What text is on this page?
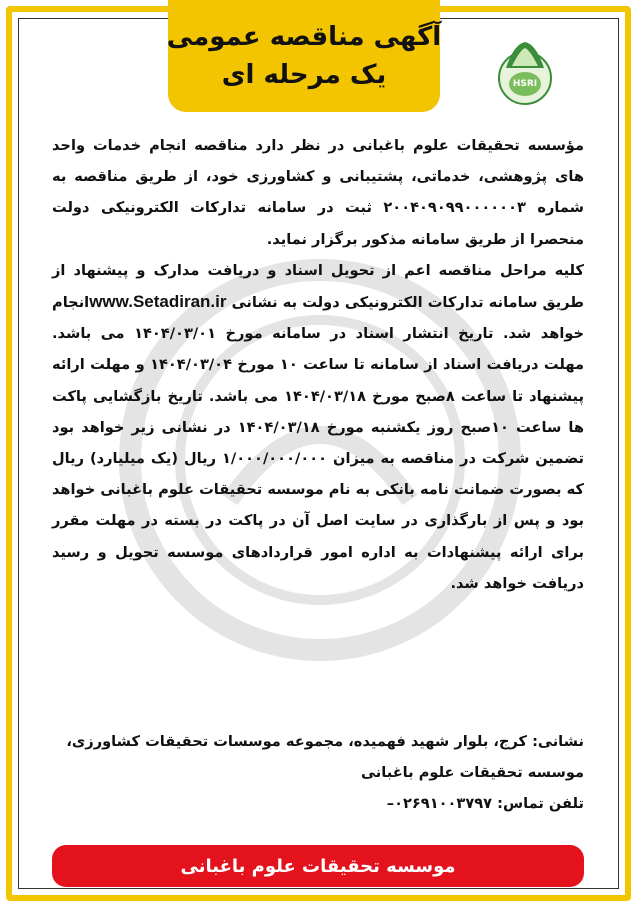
آگهی مناقصه عمومی
یک مرحله ای	HSRI

مؤسسه تحقیقات علوم باغبانی در نظر دارد مناقصه انجام خدمات واحد های پژوهشی، خدماتی، پشتیبانی و کشاورزی خود، از طریق مناقصه به شماره ۲۰۰۴۰۹۰۹۹۰۰۰۰۰۰۳ ثبت در سامانه تدارکات الکترونیکی دولت منحصرا از طریق سامانه مذکور برگزار نماید.

کلیه مراحل مناقصه اعم از تحویل اسناد و دریافت مدارک و پیشنهاد از طریق سامانه تدارکات الکترونیکی دولت به نشانی www.Setadiran.irانجام خواهد شد. تاریخ انتشار اسناد در سامانه مورخ ۱۴۰۴/۰۳/۰۱ می باشد. مهلت دریافت اسناد از سامانه تا ساعت ۱۰ مورخ ۱۴۰۴/۰۳/۰۴ و مهلت ارائه پیشنهاد تا ساعت ۸صبح مورخ ۱۴۰۴/۰۳/۱۸ می باشد. تاریخ بازگشایی پاکت ها ساعت ۱۰صبح روز یکشنبه مورخ ۱۴۰۴/۰۳/۱۸ در نشانی زیر خواهد بود تضمین شرکت در مناقصه به میزان ۱/۰۰۰/۰۰۰/۰۰۰ ریال (یک میلیارد) ریال که بصورت ضمانت نامه بانکی به نام موسسه تحقیقات علوم باغبانی خواهد بود و پس از بارگذاری در سایت اصل آن در پاکت در بسته در مهلت مقرر برای ارائه پیشنهادات به اداره امور قراردادهای موسسه تحویل و رسید دریافت خواهد شد.

نشانی: کرج، بلوار شهید فهمیده، مجموعه موسسات تحقیقات کشاورزی،
موسسه تحقیقات علوم باغبانی
تلفن تماس: ۰۲۶۹۱۰۰۳۷۹۷–
موسسه تحقیقات علوم باغبانی
